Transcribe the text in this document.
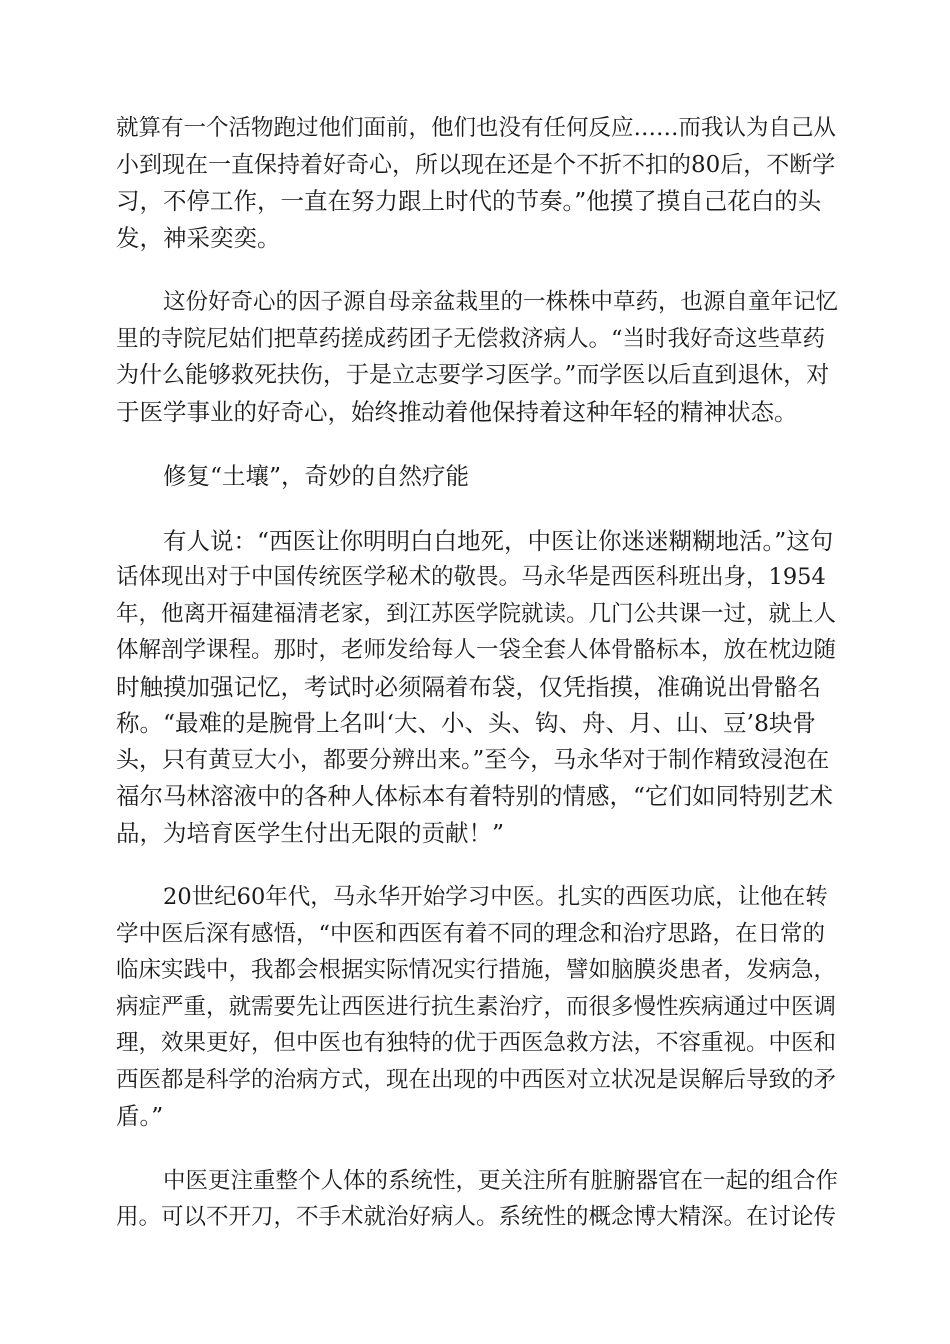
就算有一个活物跑过他们面前，他们也没有任何反应……而我认为自己从
小到现在一直保持着好奇心，所以现在还是个不折不扣的80后，不断学
习，不停工作，一直在努力跟上时代的节奏。”他摸了摸自己花白的头
发，神采奕奕。
这份好奇心的因子源自母亲盆栽里的一株株中草药，也源自童年记忆
里的寺院尼姑们把草药搓成药团子无偿救济病人。“当时我好奇这些草药
为什么能够救死扶伤，于是立志要学习医学。”而学医以后直到退休，对
于医学事业的好奇心，始终推动着他保持着这种年轻的精神状态。
修复“土壤”，奇妙的自然疗能
有人说：“西医让你明明白白地死，中医让你迷迷糊糊地活。”这句
话体现出对于中国传统医学秘术的敬畏。马永华是西医科班出身，1954
年，他离开福建福清老家，到江苏医学院就读。几门公共课一过，就上人
体解剖学课程。那时，老师发给每人一袋全套人体骨骼标本，放在枕边随
时触摸加强记忆，考试时必须隔着布袋，仅凭指摸，准确说出骨骼名
称。“最难的是腕骨上名叫‘大、小、头、钩、舟、月、山、豆’8块骨
头，只有黄豆大小，都要分辨出来。”至今，马永华对于制作精致浸泡在
福尔马林溶液中的各种人体标本有着特别的情感，“它们如同特别艺术
品，为培育医学生付出无限的贡献！”
20世纪60年代，马永华开始学习中医。扎实的西医功底，让他在转
学中医后深有感悟，“中医和西医有着不同的理念和治疗思路，在日常的
临床实践中，我都会根据实际情况实行措施，譬如脑膜炎患者，发病急，
病症严重，就需要先让西医进行抗生素治疗，而很多慢性疾病通过中医调
理，效果更好，但中医也有独特的优于西医急救方法，不容重视。中医和
西医都是科学的治病方式，现在出现的中西医对立状况是误解后导致的矛
盾。”
中医更注重整个人体的系统性，更关注所有脏腑器官在一起的组合作
用。可以不开刀，不手术就治好病人。系统性的概念博大精深。在讨论传
